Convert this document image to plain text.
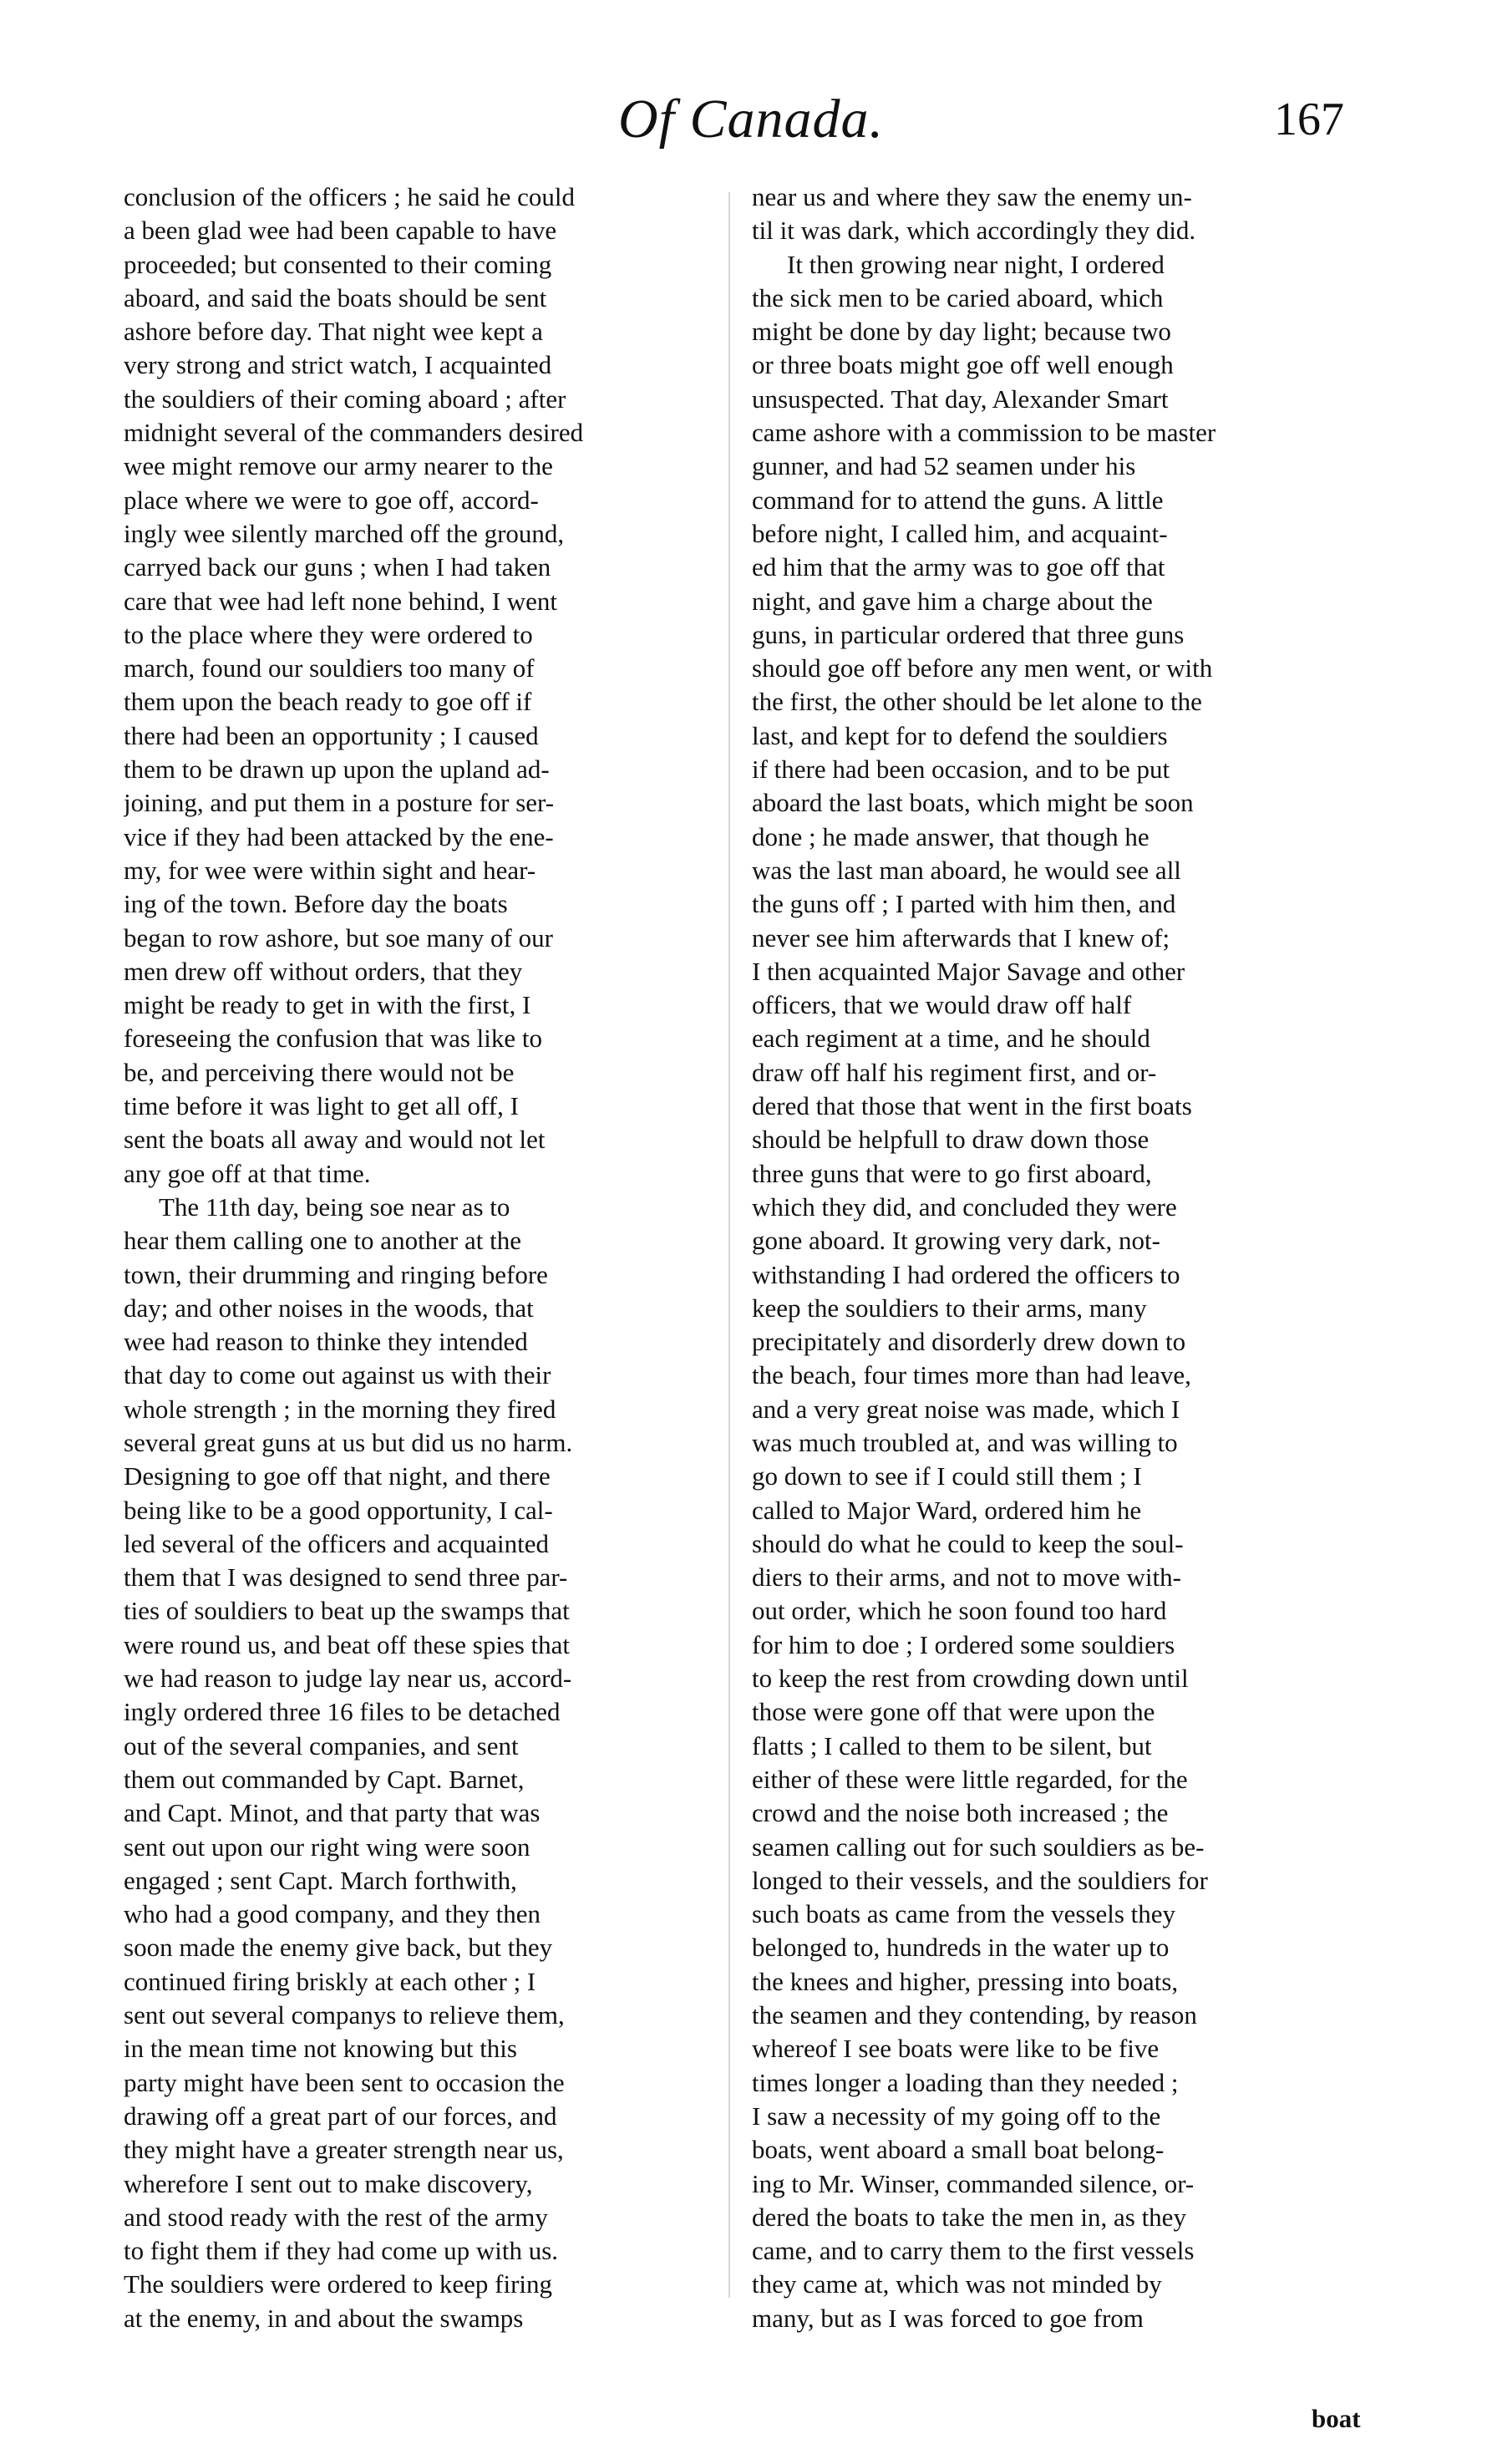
Of Canada.	167
conclusion of the officers ; he said he could
a been glad wee had been capable to have
proceeded; but consented to their coming
aboard, and said the boats should be sent
ashore before day. That night wee kept a
very strong and strict watch, I acquainted
the souldiers of their coming aboard ; after
midnight several of the commanders desired
wee might remove our army nearer to the
place where we were to goe off, accord-
ingly wee silently marched off the ground,
carryed back our guns ; when I had taken
care that wee had left none behind, I went
to the place where they were ordered to
march, found our souldiers too many of
them upon the beach ready to goe off if
there had been an opportunity ; I caused
them to be drawn up upon the upland ad-
joining, and put them in a posture for ser-
vice if they had been attacked by the ene-
my, for wee were within sight and hear-
ing of the town. Before day the boats
began to row ashore, but soe many of our
men drew off without orders, that they
might be ready to get in with the first, I
foreseeing the confusion that was like to
be, and perceiving there would not be
time before it was light to get all off, I
sent the boats all away and would not let
any goe off at that time.
The 11th day, being soe near as to
hear them calling one to another at the
town, their drumming and ringing before
day; and other noises in the woods, that
wee had reason to thinke they intended
that day to come out against us with their
whole strength ; in the morning they fired
several great guns at us but did us no harm.
Designing to goe off that night, and there
being like to be a good opportunity, I cal-
led several of the officers and acquainted
them that I was designed to send three par-
ties of souldiers to beat up the swamps that
were round us, and beat off these spies that
we had reason to judge lay near us, accord-
ingly ordered three 16 files to be detached
out of the several companies, and sent
them out commanded by Capt. Barnet,
and Capt. Minot, and that party that was
sent out upon our right wing were soon
engaged ; sent Capt. March forthwith,
who had a good company, and they then
soon made the enemy give back, but they
continued firing briskly at each other ; I
sent out several companys to relieve them,
in the mean time not knowing but this
party might have been sent to occasion the
drawing off a great part of our forces, and
they might have a greater strength near us,
wherefore I sent out to make discovery,
and stood ready with the rest of the army
to fight them if they had come up with us.
The souldiers were ordered to keep firing
at the enemy, in and about the swamps
near us and where they saw the enemy un-
til it was dark, which accordingly they did.
It then growing near night, I ordered
the sick men to be caried aboard, which
might be done by day light; because two
or three boats might goe off well enough
unsuspected. That day, Alexander Smart
came ashore with a commission to be master
gunner, and had 52 seamen under his
command for to attend the guns. A little
before night, I called him, and acquaint-
ed him that the army was to goe off that
night, and gave him a charge about the
guns, in particular ordered that three guns
should goe off before any men went, or with
the first, the other should be let alone to the
last, and kept for to defend the souldiers
if there had been occasion, and to be put
aboard the last boats, which might be soon
done ; he made answer, that though he
was the last man aboard, he would see all
the guns off ; I parted with him then, and
never see him afterwards that I knew of;
I then acquainted Major Savage and other
officers, that we would draw off half
each regiment at a time, and he should
draw off half his regiment first, and or-
dered that those that went in the first boats
should be helpfull to draw down those
three guns that were to go first aboard,
which they did, and concluded they were
gone aboard. It growing very dark, not-
withstanding I had ordered the officers to
keep the souldiers to their arms, many
precipitately and disorderly drew down to
the beach, four times more than had leave,
and a very great noise was made, which I
was much troubled at, and was willing to
go down to see if I could still them ; I
called to Major Ward, ordered him he
should do what he could to keep the soul-
diers to their arms, and not to move with-
out order, which he soon found too hard
for him to doe ; I ordered some souldiers
to keep the rest from crowding down until
those were gone off that were upon the
flatts ; I called to them to be silent, but
either of these were little regarded, for the
crowd and the noise both increased ; the
seamen calling out for such souldiers as be-
longed to their vessels, and the souldiers for
such boats as came from the vessels they
belonged to, hundreds in the water up to
the knees and higher, pressing into boats,
the seamen and they contending, by reason
whereof I see boats were like to be five
times longer a loading than they needed ;
I saw a necessity of my going off to the
boats, went aboard a small boat belong-
ing to Mr. Winser, commanded silence, or-
dered the boats to take the men in, as they
came, and to carry them to the first vessels
they came at, which was not minded by
many, but as I was forced to goe from
boat
